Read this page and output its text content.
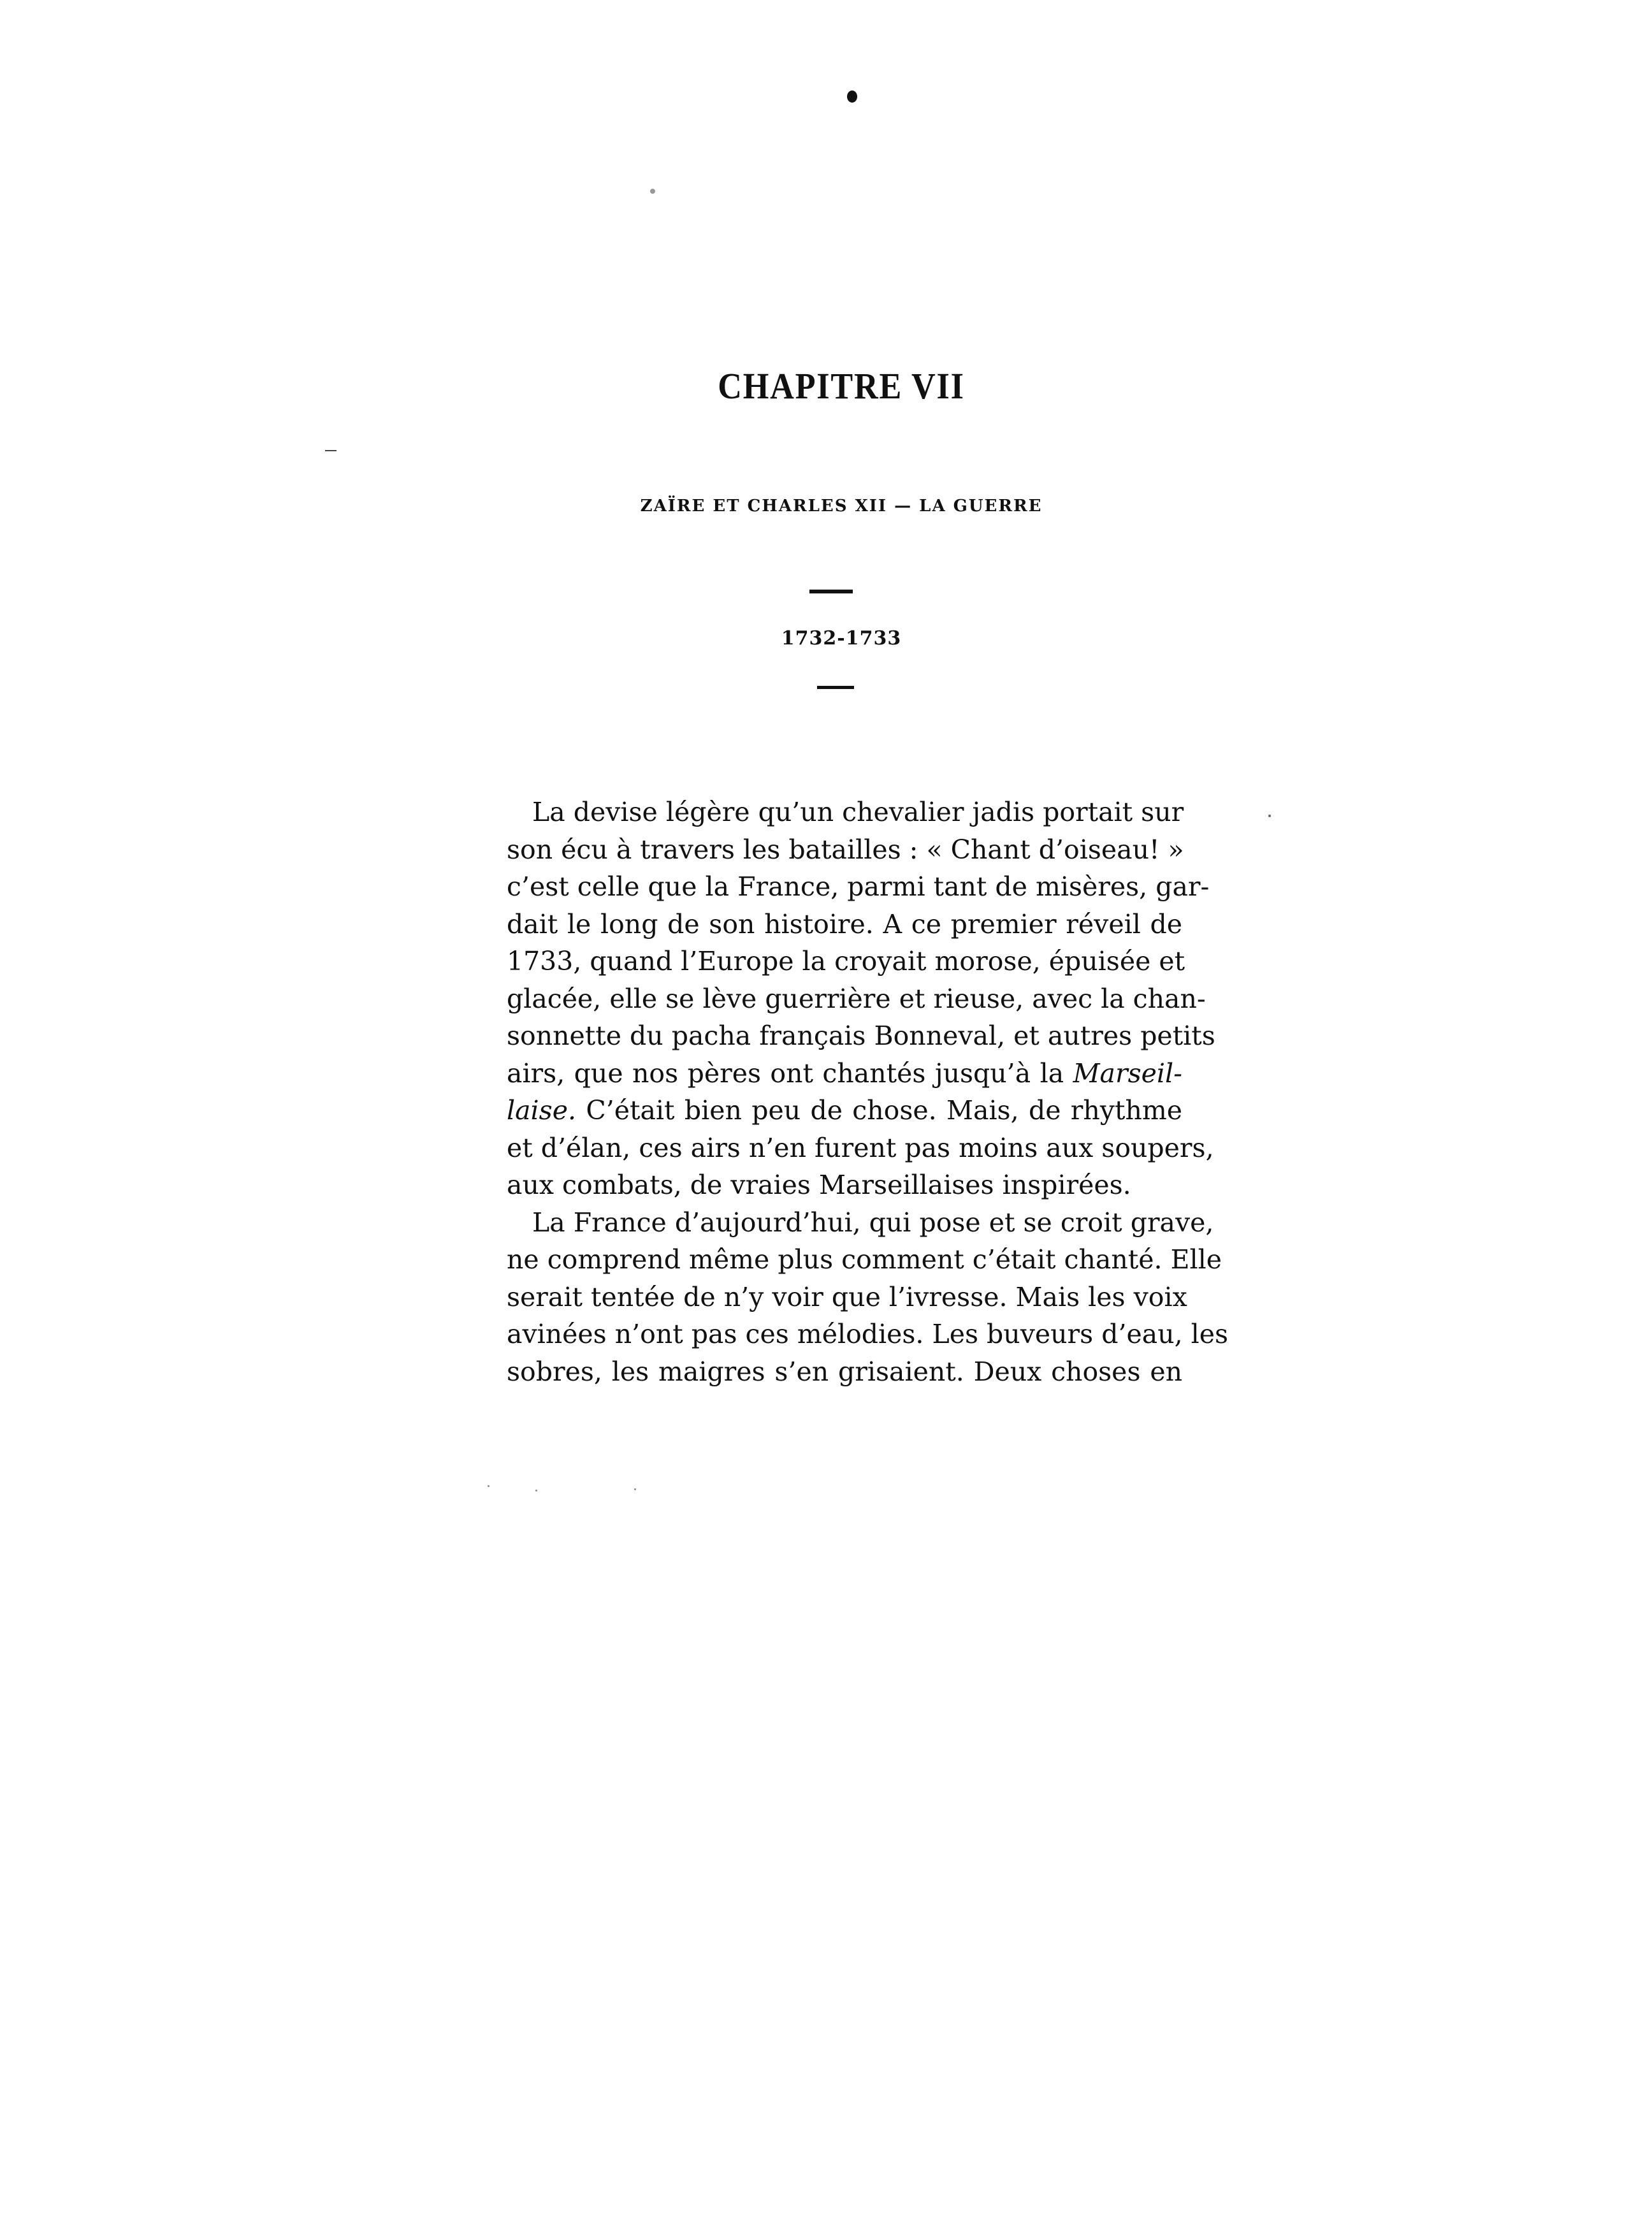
CHAPITRE VII

ZAÏRE ET CHARLES XII — LA GUERRE

1732-1733

La devise légère qu’un chevalier jadis portait sur
son écu à travers les batailles : « Chant d’oiseau! »
c’est celle que la France, parmi tant de misères, gar-
dait le long de son histoire. A ce premier réveil de
1733, quand l’Europe la croyait morose, épuisée et
glacée, elle se lève guerrière et rieuse, avec la chan-
sonnette du pacha français Bonneval, et autres petits
airs, que nos pères ont chantés jusqu’à la Marseil-
laise. C’était bien peu de chose. Mais, de rhythme
et d’élan, ces airs n’en furent pas moins aux soupers,
aux combats, de vraies Marseillaises inspirées.
La France d’aujourd’hui, qui pose et se croit grave,
ne comprend même plus comment c’était chanté. Elle
serait tentée de n’y voir que l’ivresse. Mais les voix
avinées n’ont pas ces mélodies. Les buveurs d’eau, les
sobres, les maigres s’en grisaient. Deux choses en
